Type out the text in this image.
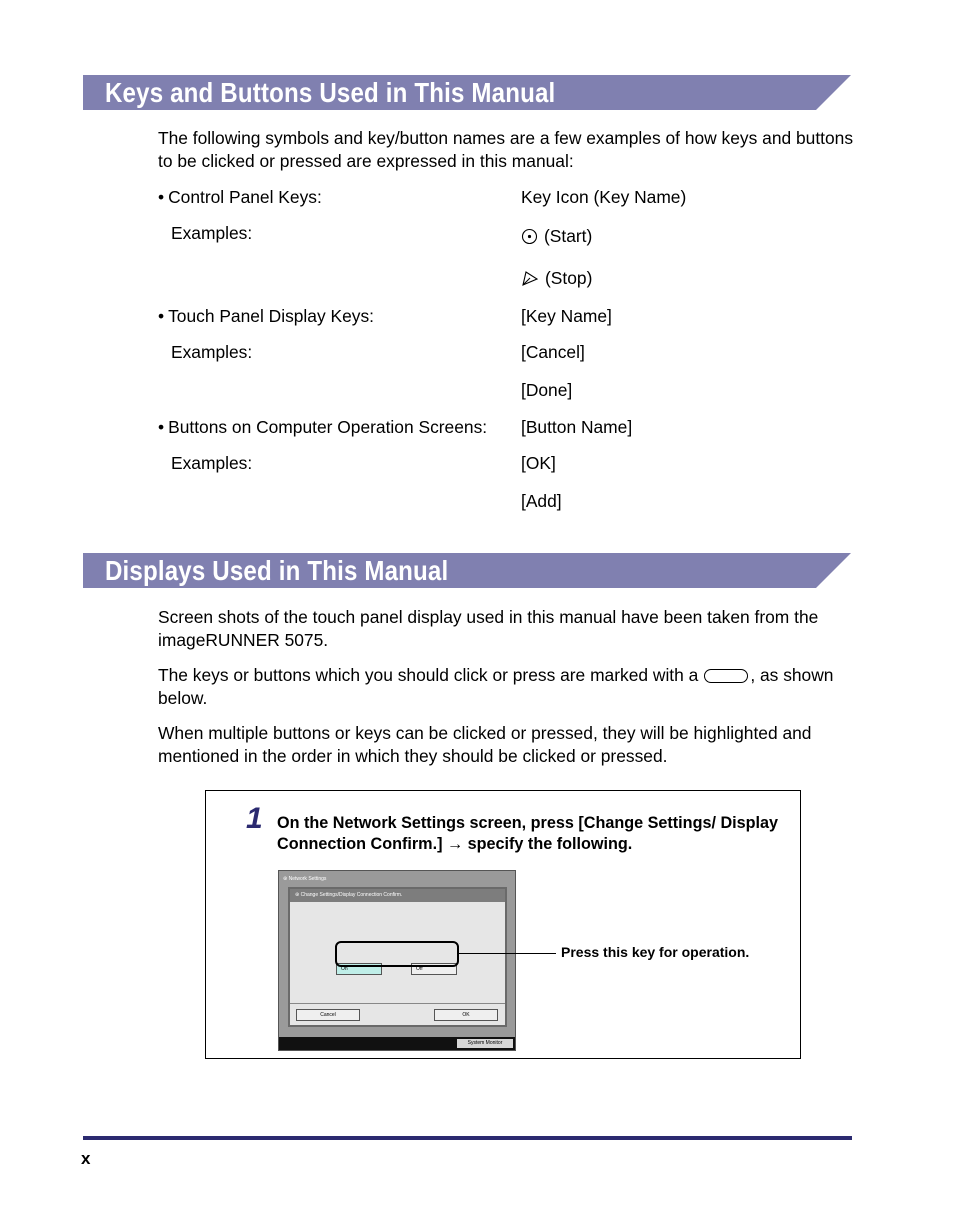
Keys and Buttons Used in This Manual

The following symbols and key/button names are a few examples of how keys and buttons to be clicked or pressed are expressed in this manual:

• Control Panel Keys:	Key Icon (Key Name)
Examples:	(Start)
(Stop)
• Touch Panel Display Keys:	[Key Name]
Examples:	[Cancel]
[Done]
• Buttons on Computer Operation Screens: [Button Name]
Examples:	[OK]
[Add]
Displays Used in This Manual

Screen shots of the touch panel display used in this manual have been taken from the imageRUNNER 5075.

The keys or buttons which you should click or press are marked with a	, as shown below.

When multiple buttons or keys can be clicked or pressed, they will be highlighted and mentioned in the order in which they should be clicked or pressed.

1 On the Network Settings screen, press [Change Settings/ Display Connection Confirm.] → specify the following.

⊛ Network Settings
⊛ Change Settings/Display Connection Confirm.
On	Off
Cancel	OK
System Monitor
Press this key for operation.
x
